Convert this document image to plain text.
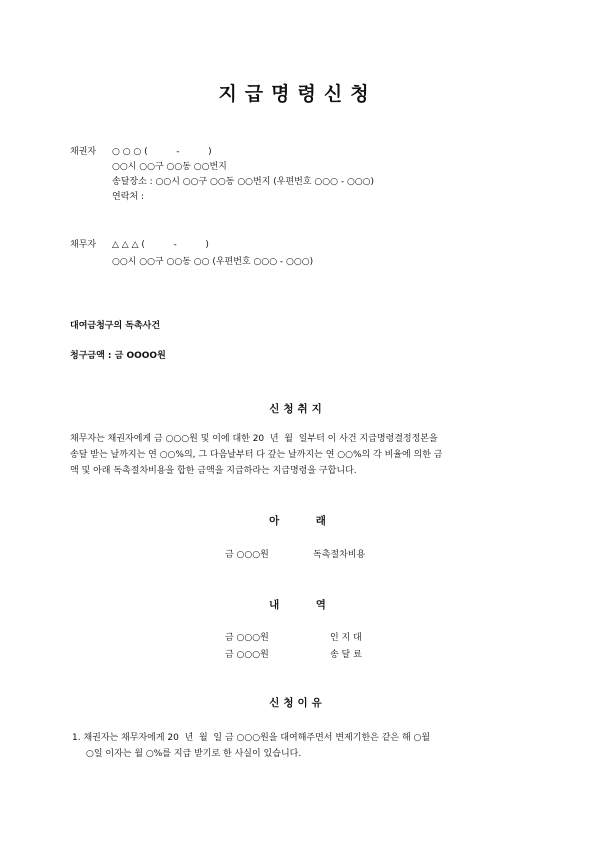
지급명령신청
채권자 ○ ○ ○ (          -          )
○○시 ○○구 ○○동 ○○번지
송달장소 : ○○시 ○○구 ○○동 ○○번지 (우편번호 ○○○ - ○○○)
연락처 :
채무자 △ △ △ (          -          )
○○시 ○○구 ○○동 ○○ (우편번호 ○○○ - ○○○)
대여금청구의 독촉사건
청구금액 : 금 OOOO원
신청취지
채무자는 채권자에게 금 ○○○원 및 이에 대한 20  년  월  일부터 이 사건 지급명령결정정본을
송달 받는 날까지는 연 ○○%의, 그 다음날부터 다 갚는 날까지는 연 ○○%의 각 비율에 의한 금
액 및 아래 독촉절차비용을 합한 금액을 지급하라는 지급명령을 구합니다.
아          래
금 ○○○원	독촉절차비용
내          역
금 ○○○원	인 지 대
금 ○○○원	송 달 료
신청이유
1. 채권자는 채무자에게 20  년  월  일 금 ○○○원을 대여해주면서 변제기한은 같은 해 ○월
○일 이자는 월 ○%를 지급 받기로 한 사실이 있습니다.
